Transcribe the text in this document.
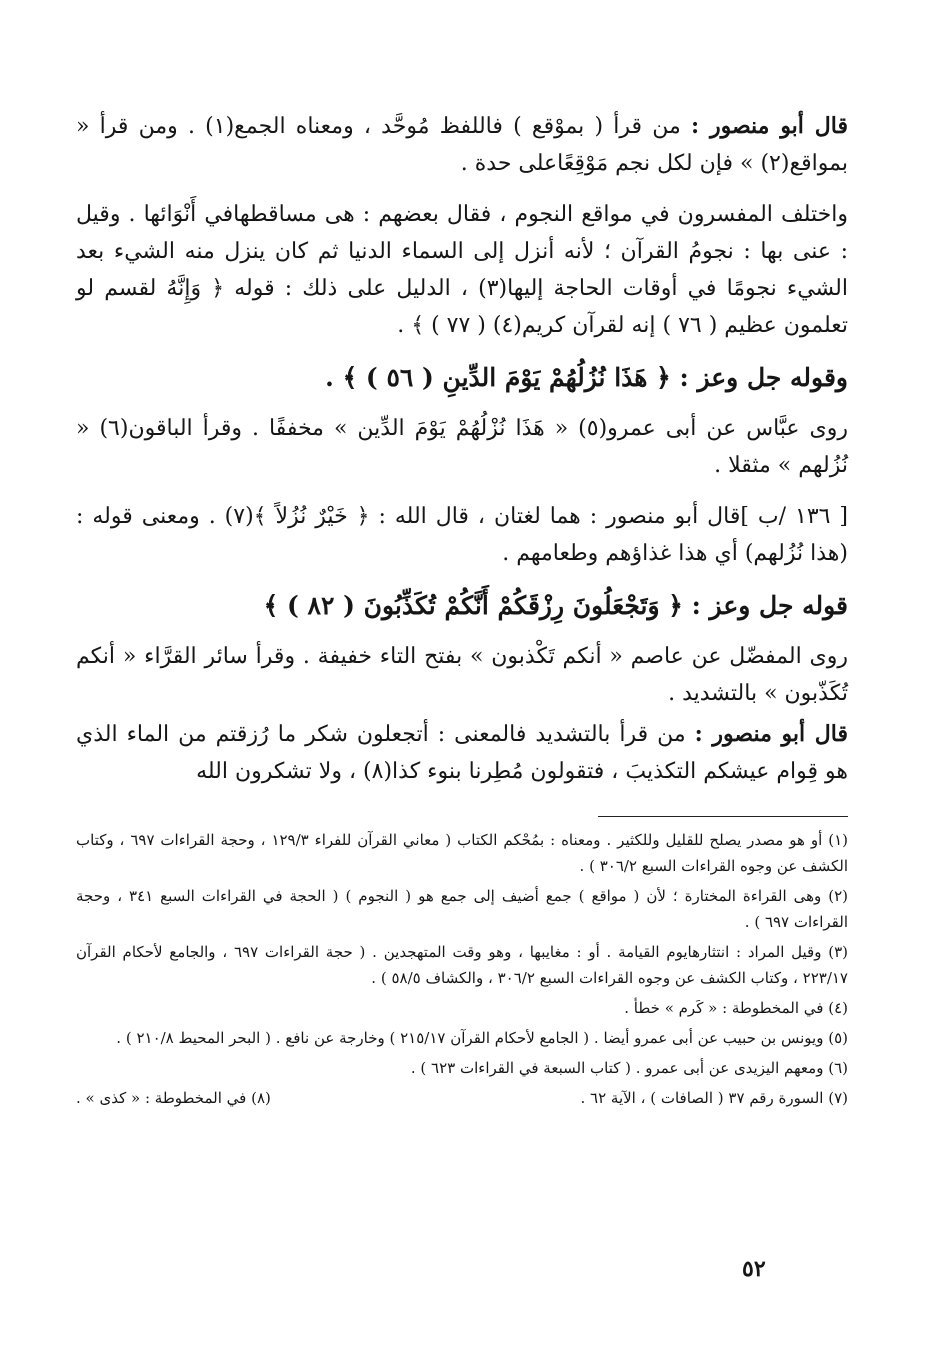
قال أبو منصور : من قرأ ( بموْقع ) فاللفظ مُوحَّد ، ومعناه الجمع(١) . ومن قرأ « بمواقع(٢) » فإن لكل نجم مَوْقِعًاعلى حدة .

واختلف المفسرون في مواقع النجوم ، فقال بعضهم : هى مساقطهافي أَنْوَائها . وقيل : عنى بها : نجومُ القرآن ؛ لأنه أنزل إلى السماء الدنيا ثم كان ينزل منه الشيء بعد الشيء نجومًا في أوقات الحاجة إليها(٣) ، الدليل على ذلك : قوله ﴿ وَإِنَّهُ لقسم لو تعلمون عظيم ( ٧٦ ) إنه لقرآن كريم(٤) ( ٧٧ ) ﴾ .

وقوله جل وعز : ﴿ هَذَا نُزُلُهُمْ يَوْمَ الدِّينِ ( ٥٦ ) ﴾ .

روى عبَّاس عن أبى عمرو(٥) « هَذَا نُزْلُهُمْ يَوْمَ الدِّين » مخففًا . وقرأ الباقون(٦) « نُزُلهم » مثقلا .

[ ١٣٦ /ب ]قال أبو منصور : هما لغتان ، قال الله : ﴿ خَيْرٌ نُزُلاً ﴾(٧) . ومعنى قوله : (هذا نُزُلهم) أي هذا غذاؤهم وطعامهم .

قوله جل وعز : ﴿ وَتَجْعَلُونَ رِزْقَكُمْ أَنَّكُمْ تُكَذِّبُونَ ( ٨٢ ) ﴾

روى المفضّل عن عاصم « أنكم تَكْذبون » بفتح التاء خفيفة . وقرأ سائر القرَّاء « أنكم تُكَذّبون » بالتشديد .

قال أبو منصور : من قرأ بالتشديد فالمعنى : أتجعلون شكر ما رُزقتم من الماء الذي هو قِوام عيشكم التكذيبَ ، فتقولون مُطِرنا بنوء كذا(٨) ، ولا تشكرون الله

(١) أو هو مصدر يصلح للقليل وللكثير . ومعناه : بمُحْكم الكتاب ( معاني القرآن للفراء ١٢٩/٣ ، وحجة القراءات ٦٩٧ ، وكتاب الكشف عن وجوه القراءات السبع ٣٠٦/٢ ) .

(٢) وهى القراءة المختارة ؛ لأن ( مواقع ) جمع أضيف إلى جمع هو ( النجوم ) ( الحجة في القراءات السبع ٣٤١ ، وحجة القراءات ٦٩٧ ) .

(٣) وقيل المراد : انتثارهايوم القيامة . أو : مغايبها ، وهو وقت المتهجدين . ( حجة القراءات ٦٩٧ ، والجامع لأحكام القرآن ٢٢٣/١٧ ، وكتاب الكشف عن وجوه القراءات السبع ٣٠٦/٢ ، والكشاف ٥٨/٥ ) .

(٤) في المخطوطة : « كَرم » خطأ .

(٥) ويونس بن حبيب عن أبى عمرو أيضا . ( الجامع لأحكام القرآن ٢١٥/١٧ ) وخارجة عن نافع . ( البحر المحيط ٢١٠/٨ ) .

(٦) ومعهم اليزيدى عن أبى عمرو . ( كتاب السبعة في القراءات ٦٢٣ ) .

(٧) السورة رقم ٣٧ ( الصافات ) ، الآية ٦٢ .
(٨) في المخطوطة : « كذى » .
٥٢
